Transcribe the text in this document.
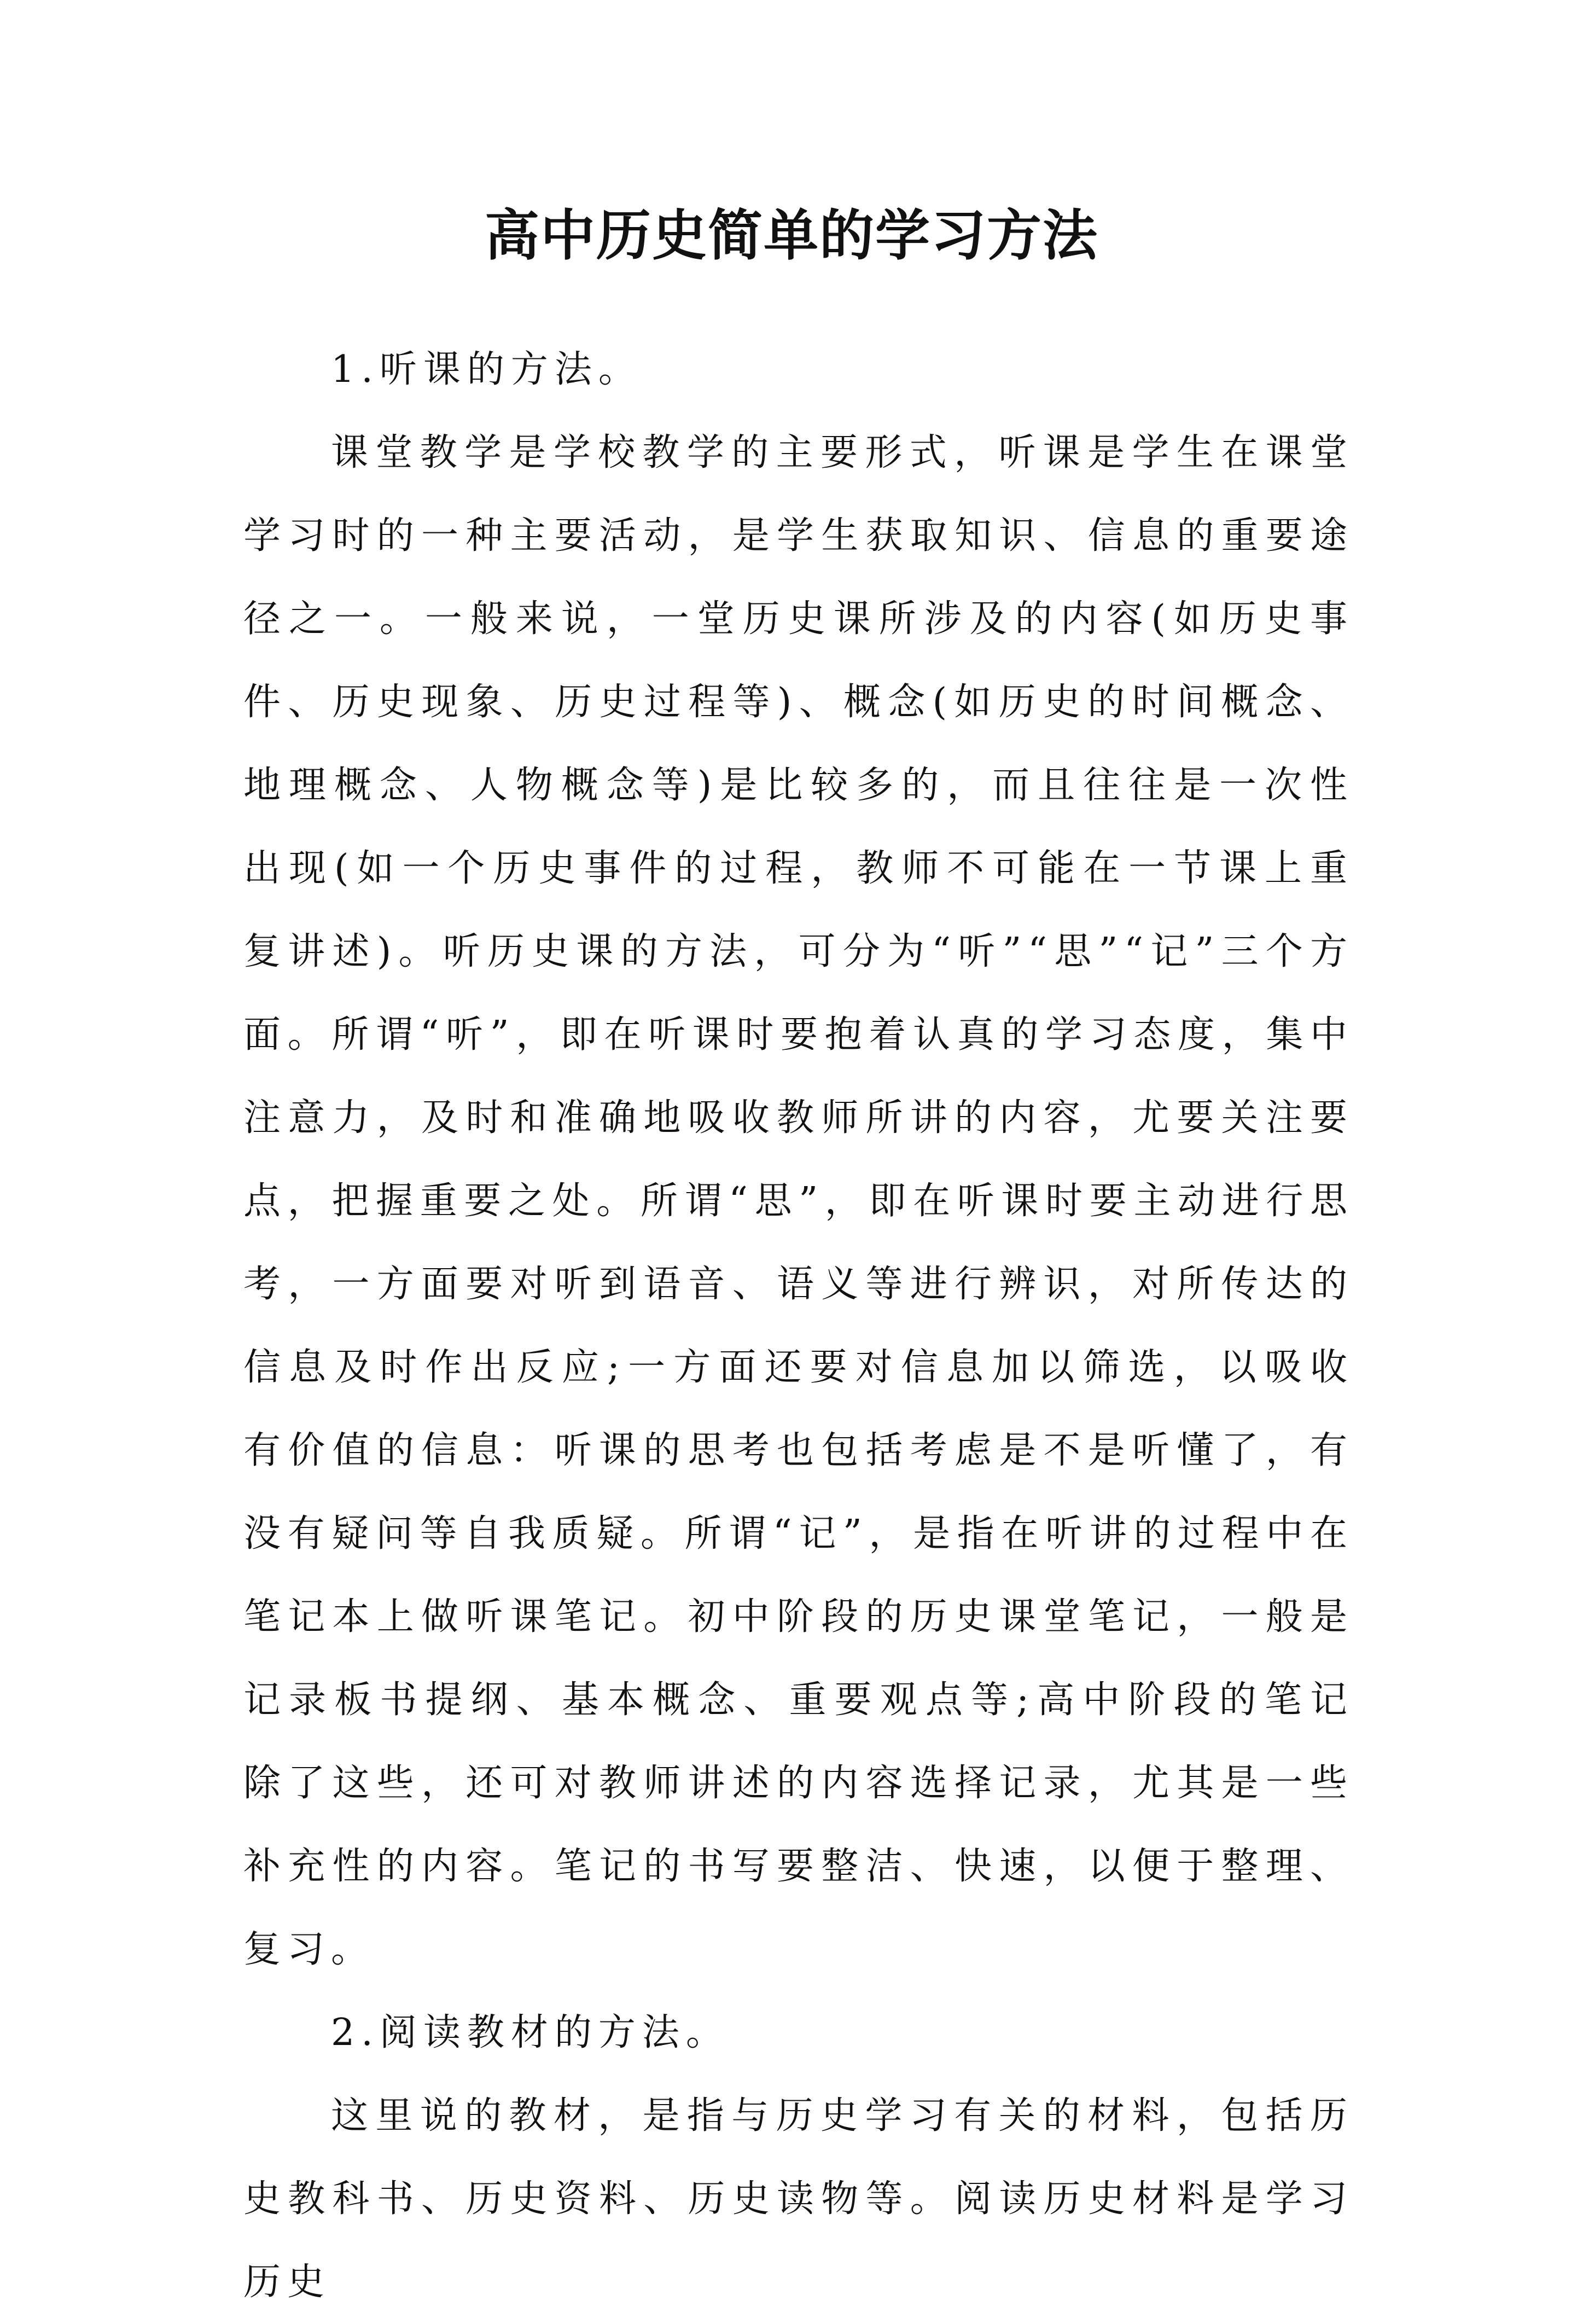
高中历史简单的学习方法

1.听课的方法。

课堂教学是学校教学的主要形式，听课是学生在课堂学习时的一种主要活动，是学生获取知识、信息的重要途径之一。一般来说，一堂历史课所涉及的内容(如历史事件、历史现象、历史过程等)、概念(如历史的时间概念、地理概念、人物概念等)是比较多的，而且往往是一次性出现(如一个历史事件的过程，教师不可能在一节课上重复讲述)。听历史课的方法，可分为“听”“思”“记”三个方面。所谓“听”，即在听课时要抱着认真的学习态度，集中注意力，及时和准确地吸收教师所讲的内容，尤要关注要点，把握重要之处。所谓“思”，即在听课时要主动进行思考，一方面要对听到语音、语义等进行辨识，对所传达的信息及时作出反应;一方面还要对信息加以筛选，以吸收有价值的信息：听课的思考也包括考虑是不是听懂了，有没有疑问等自我质疑。所谓“记”，是指在听讲的过程中在笔记本上做听课笔记。初中阶段的历史课堂笔记，一般是记录板书提纲、基本概念、重要观点等;高中阶段的笔记除了这些，还可对教师讲述的内容选择记录，尤其是一些补充性的内容。笔记的书写要整洁、快速，以便于整理、复习。

2.阅读教材的方法。

这里说的教材，是指与历史学习有关的材料，包括历史教科书、历史资料、历史读物等。阅读历史材料是学习历史
